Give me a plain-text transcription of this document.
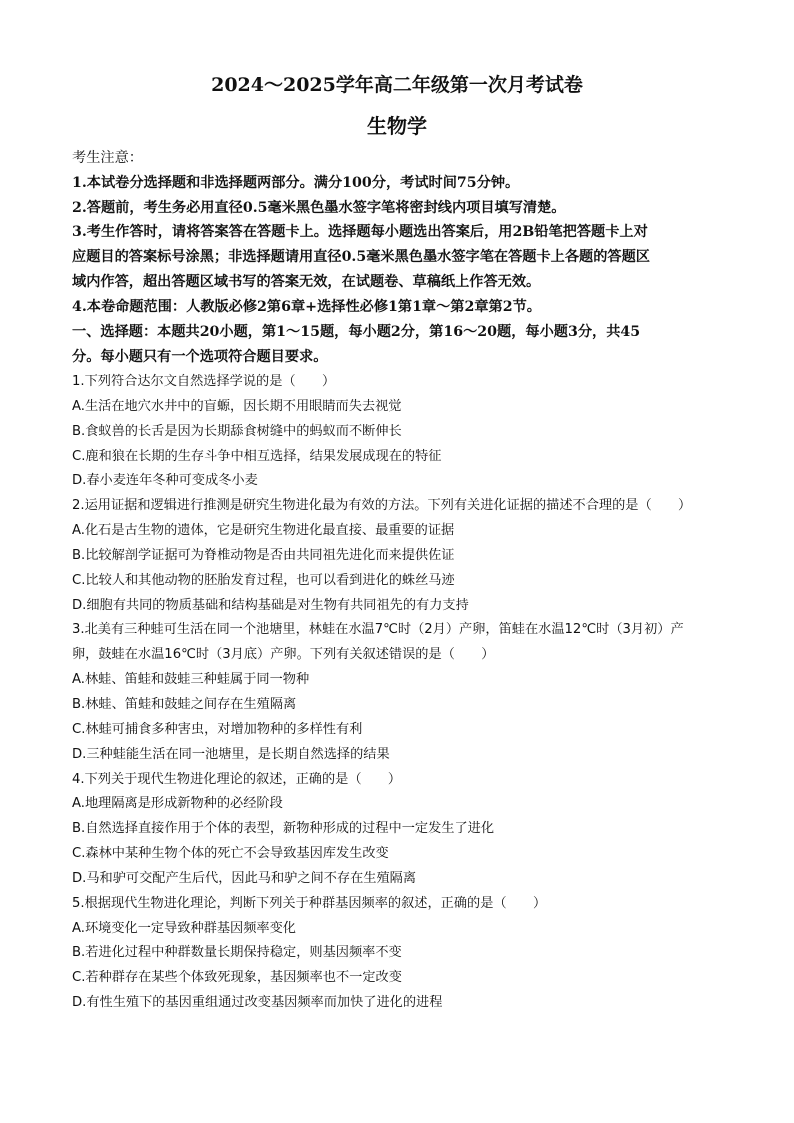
2024～2025学年高二年级第一次月考试卷
生物学
考生注意：
1.本试卷分选择题和非选择题两部分。满分100分，考试时间75分钟。
2.答题前，考生务必用直径0.5毫米黑色墨水签字笔将密封线内项目填写清楚。
3.考生作答时，请将答案答在答题卡上。选择题每小题选出答案后，用2B铅笔把答题卡上对
应题目的答案标号涂黑；非选择题请用直径0.5毫米黑色墨水签字笔在答题卡上各题的答题区
域内作答，超出答题区域书写的答案无效，在试题卷、草稿纸上作答无效。
4.本卷命题范围：人教版必修2第6章+选择性必修1第1章～第2章第2节。
一、选择题：本题共20小题，第1～15题，每小题2分，第16～20题，每小题3分，共45
分。每小题只有一个选项符合题目要求。
1.下列符合达尔文自然选择学说的是（　　）
A.生活在地穴水井中的盲螈，因长期不用眼睛而失去视觉
B.食蚁兽的长舌是因为长期舔食树缝中的蚂蚁而不断伸长
C.鹿和狼在长期的生存斗争中相互选择，结果发展成现在的特征
D.春小麦连年冬种可变成冬小麦
2.运用证据和逻辑进行推测是研究生物进化最为有效的方法。下列有关进化证据的描述不合理的是（　　）
A.化石是古生物的遗体，它是研究生物进化最直接、最重要的证据
B.比较解剖学证据可为脊椎动物是否由共同祖先进化而来提供佐证
C.比较人和其他动物的胚胎发育过程，也可以看到进化的蛛丝马迹
D.细胞有共同的物质基础和结构基础是对生物有共同祖先的有力支持
3.北美有三种蛙可生活在同一个池塘里，林蛙在水温7℃时（2月）产卵，笛蛙在水温12℃时（3月初）产
卵，鼓蛙在水温16℃时（3月底）产卵。下列有关叙述错误的是（　　）
A.林蛙、笛蛙和鼓蛙三种蛙属于同一物种
B.林蛙、笛蛙和鼓蛙之间存在生殖隔离
C.林蛙可捕食多种害虫，对增加物种的多样性有利
D.三种蛙能生活在同一池塘里，是长期自然选择的结果
4.下列关于现代生物进化理论的叙述，正确的是（　　）
A.地理隔离是形成新物种的必经阶段
B.自然选择直接作用于个体的表型，新物种形成的过程中一定发生了进化
C.森林中某种生物个体的死亡不会导致基因库发生改变
D.马和驴可交配产生后代，因此马和驴之间不存在生殖隔离
5.根据现代生物进化理论，判断下列关于种群基因频率的叙述，正确的是（　　）
A.环境变化一定导致种群基因频率变化
B.若进化过程中种群数量长期保持稳定，则基因频率不变
C.若种群存在某些个体致死现象，基因频率也不一定改变
D.有性生殖下的基因重组通过改变基因频率而加快了进化的进程
